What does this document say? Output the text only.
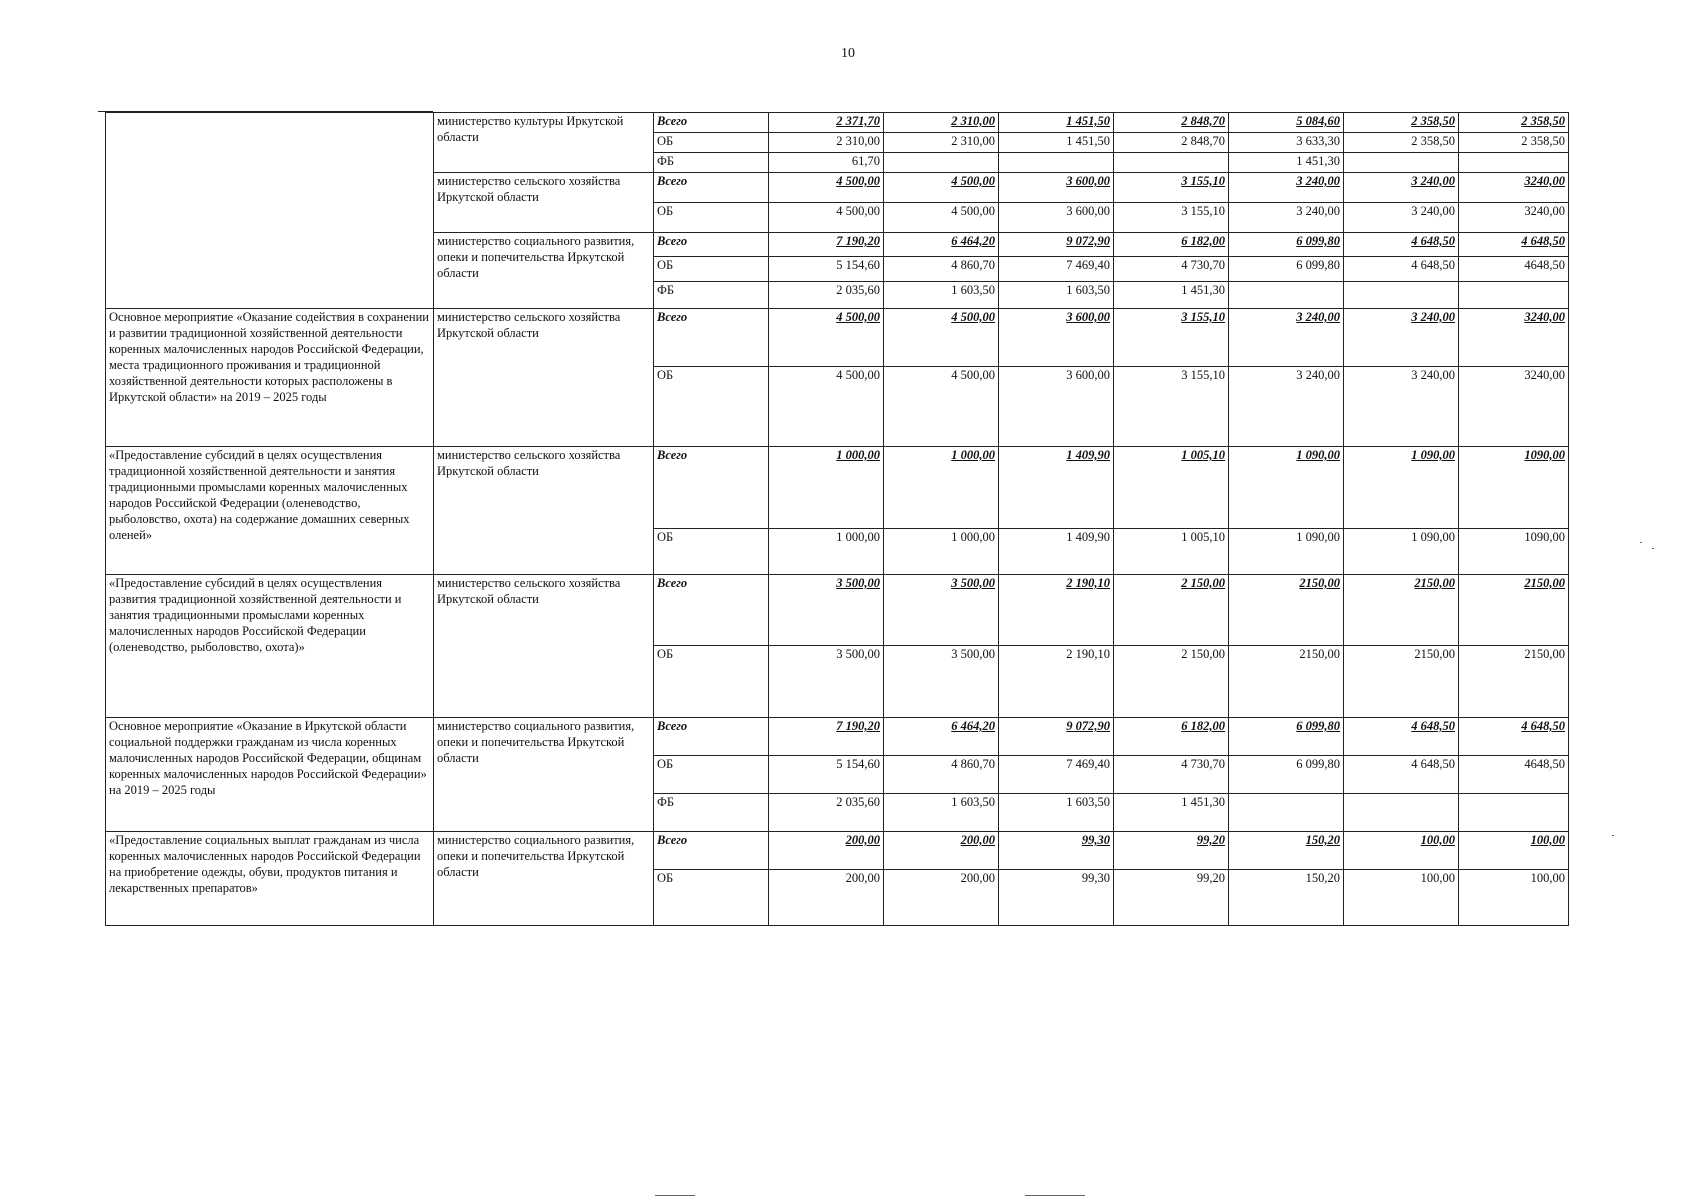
10
	министерство культуры Иркутской области	Всего	2 371,70	2 310,00	1 451,50	2 848,70	5 084,60	2 358,50	2 358,50
		ОБ	2 310,00	2 310,00	1 451,50	2 848,70	3 633,30	2 358,50	2 358,50
		ФБ	61,70				1 451,30		
	министерство сельского хозяйства Иркутской области	Всего	4 500,00	4 500,00	3 600,00	3 155,10	3 240,00	3 240,00	3240,00
		ОБ	4 500,00	4 500,00	3 600,00	3 155,10	3 240,00	3 240,00	3240,00
	министерство социального развития, опеки и попечительства Иркутской области	Всего	7 190,20	6 464,20	9 072,90	6 182,00	6 099,80	4 648,50	4 648,50
		ОБ	5 154,60	4 860,70	7 469,40	4 730,70	6 099,80	4 648,50	4648,50
		ФБ	2 035,60	1 603,50	1 603,50	1 451,30			
Основное мероприятие «Оказание содействия в сохранении и развитии традиционной хозяйственной деятельности коренных малочисленных народов Российской Федерации, места традиционного проживания и традиционной хозяйственной деятельности которых расположены в Иркутской области» на 2019 – 2025 годы	министерство сельского хозяйства Иркутской области	Всего	4 500,00	4 500,00	3 600,00	3 155,10	3 240,00	3 240,00	3240,00
		ОБ	4 500,00	4 500,00	3 600,00	3 155,10	3 240,00	3 240,00	3240,00
«Предоставление субсидий в целях осуществления традиционной хозяйственной деятельности и занятия традиционными промыслами коренных малочисленных народов Российской Федерации (оленеводство, рыболовство, охота) на содержание домашних северных оленей»	министерство сельского хозяйства Иркутской области	Всего	1 000,00	1 000,00	1 409,90	1 005,10	1 090,00	1 090,00	1090,00
		ОБ	1 000,00	1 000,00	1 409,90	1 005,10	1 090,00	1 090,00	1090,00
«Предоставление субсидий в целях осуществления развития традиционной хозяйственной деятельности и занятия традиционными промыслами коренных малочисленных народов Российской Федерации (оленеводство, рыболовство, охота)»	министерство сельского хозяйства Иркутской области	Всего	3 500,00	3 500,00	2 190,10	2 150,00	2150,00	2150,00	2150,00
		ОБ	3 500,00	3 500,00	2 190,10	2 150,00	2150,00	2150,00	2150,00
Основное мероприятие «Оказание в Иркутской области социальной поддержки гражданам из числа коренных малочисленных народов Российской Федерации, общинам коренных малочисленных народов Российской Федерации» на 2019 – 2025 годы	министерство социального развития, опеки и попечительства Иркутской области	Всего	7 190,20	6 464,20	9 072,90	6 182,00	6 099,80	4 648,50	4 648,50
		ОБ	5 154,60	4 860,70	7 469,40	4 730,70	6 099,80	4 648,50	4648,50
		ФБ	2 035,60	1 603,50	1 603,50	1 451,30			
«Предоставление социальных выплат гражданам из числа коренных малочисленных народов Российской Федерации на приобретение одежды, обуви, продуктов питания и лекарственных препаратов»	министерство социального развития, опеки и попечительства Иркутской области	Всего	200,00	200,00	99,30	99,20	150,20	100,00	100,00
		ОБ	200,00	200,00	99,30	99,20	150,20	100,00	100,00
